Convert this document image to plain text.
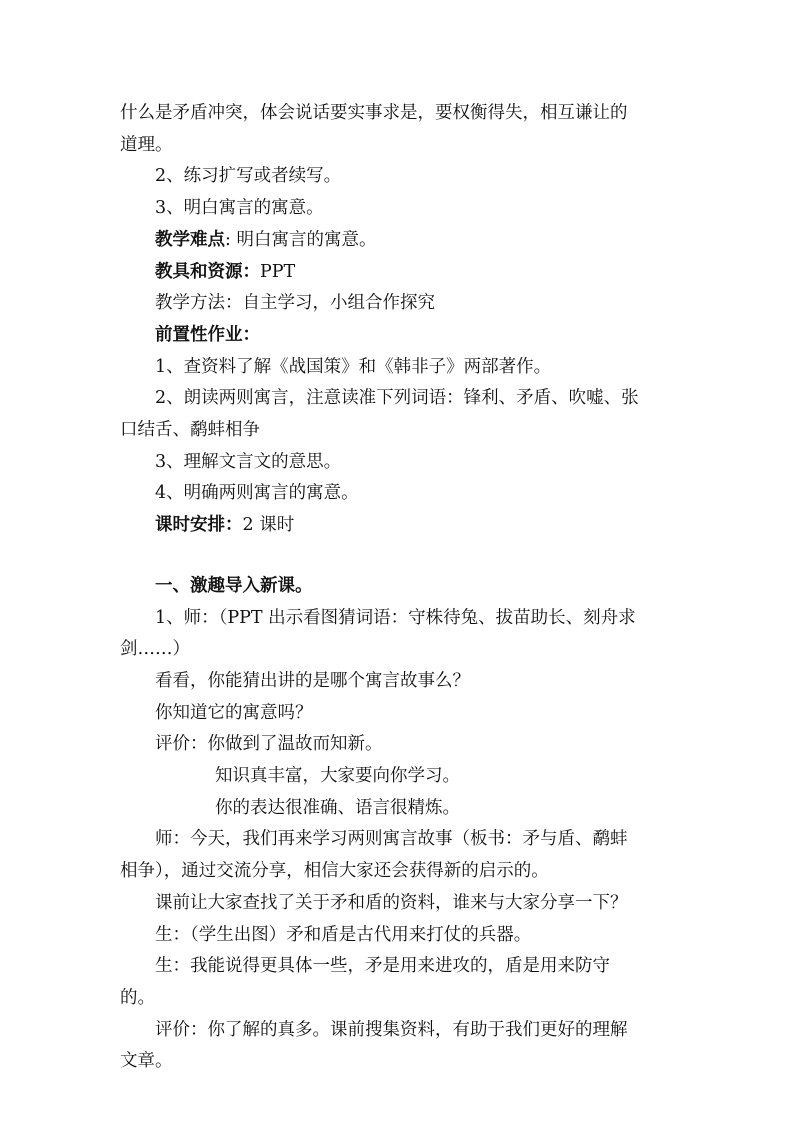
什么是矛盾冲突，体会说话要实事求是，要权衡得失，相互谦让的

道理。

2、练习扩写或者续写。

3、明白寓言的寓意。

教学难点: 明白寓言的寓意。

教具和资源：PPT

教学方法：自主学习，小组合作探究

前置性作业：

1、查资料了解《战国策》和《韩非子》两部著作。

2、朗读两则寓言，注意读准下列词语：锋利、矛盾、吹嘘、张

口结舌、鹬蚌相争

3、理解文言文的意思。

4、明确两则寓言的寓意。

课时安排：2 课时

一、激趣导入新课。

1、师：（PPT 出示看图猜词语：守株待兔、拔苗助长、刻舟求

剑……）

看看，你能猜出讲的是哪个寓言故事么？

你知道它的寓意吗？

评价：你做到了温故而知新。

知识真丰富，大家要向你学习。

你的表达很准确、语言很精炼。

师：今天，我们再来学习两则寓言故事（板书：矛与盾、鹬蚌

相争），通过交流分享，相信大家还会获得新的启示的。

课前让大家查找了关于矛和盾的资料，谁来与大家分享一下？

生：（学生出图）矛和盾是古代用来打仗的兵器。

生：我能说得更具体一些，矛是用来进攻的，盾是用来防守

的。

评价：你了解的真多。课前搜集资料，有助于我们更好的理解

文章。
